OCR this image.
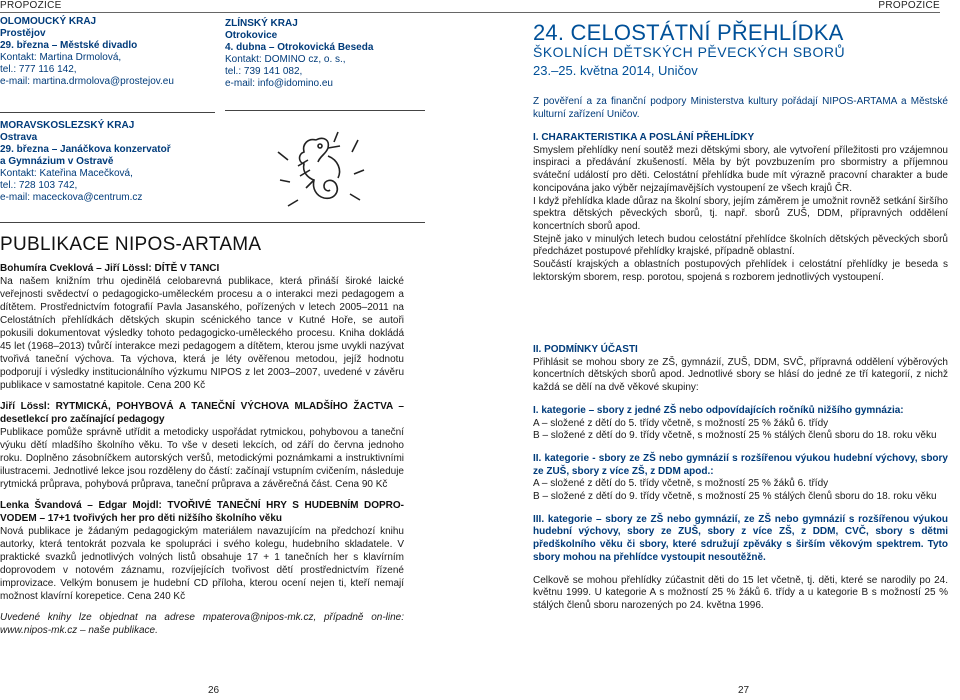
PROPOZICE	PROPOZICE
OLOMOUCKÝ KRAJ
Prostějov
29. března – Městské divadlo
Kontakt: Martina Drmolová,
tel.: 777 116 142,
e-mail: martina.drmolova@prostejov.eu
MORAVSKOSLEZSKÝ KRAJ
Ostrava
29. března – Janáčkova konzervatoř
a Gymnázium v Ostravě
Kontakt: Kateřina Macečková,
tel.: 728 103 742,
e-mail: maceckova@centrum.cz
ZLÍNSKÝ KRAJ
Otrokovice
4. dubna – Otrokovická Beseda
Kontakt: DOMINO cz, o. s.,
tel.: 739 141 082,
e-mail: info@idomino.eu
PUBLIKACE NIPOS-ARTAMA

Bohumíra Cveklová – Jiří Lössl: DÍTĚ V TANCI
Na našem knižním trhu ojedinělá celobarevná publikace, která přináší široké laické veřejnosti svědectví o pedagogicko-uměleckém procesu a o interakci mezi pedagogem a dítětem. Prostřednictvím fotografií Pavla Jasanského, pořízených v letech 2005–2011 na Celostátních přehlídkách dětských skupin scénického tance v Kutné Hoře, se autoři pokusili dokumentovat výsledky tohoto pedagogicko-uměleckého procesu. Kniha dokládá 45 let (1968–2013) tvůrčí interakce mezi pedagogem a dítětem, kterou jsme uvykli nazývat tvořivá taneční výchova. Ta výchova, která je léty ověřenou metodou, jejíž hodnotu podporují i výsledky institucionálního výzkumu NIPOS z let 2003–2007, uvedené v závěru publikace v samostatné kapitole. Cena 200 Kč

Jiří Lössl: RYTMICKÁ, POHYBOVÁ A TANEČNÍ VÝCHOVA MLADŠÍHO ŽACTVA – desetlekcí pro začínající pedagogy
Publikace pomůže správně utřídit a metodicky uspořádat rytmickou, pohybovou a taneční výuku dětí mladšího školního věku. To vše v deseti lekcích, od září do června jednoho roku. Doplněno zásobníčkem autorských veršů, metodickými poznámkami a instruktivními ilustracemi. Jednotlivé lekce jsou rozděleny do částí: začínají vstupním cvičením, následuje rytmická průprava, pohybová průprava, taneční průprava a závěrečná část. Cena 90 Kč

Lenka Švandová – Edgar Mojdl: TVOŘIVÉ TANEČNÍ HRY S HUDEBNÍM DOPRO-VODEM – 17+1 tvořivých her pro děti nižšího školního věku
Nová publikace je žádaným pedagogickým materiálem navazujícím na předchozí knihu autorky, která tentokrát pozvala ke spolupráci i svého kolegu, hudebního skladatele. V praktické svazků jednotlivých volných listů obsahuje 17 + 1 tanečních her s klavírním doprovodem v notovém záznamu, rozvíjejících tvořivost dětí prostřednictvím řízené improvizace. Velkým bonusem je hudební CD příloha, kterou ocení nejen ti, kteří nemají možnost klavírní korepetice. Cena 240 Kč

Uvedené knihy lze objednat na adrese mpaterova@nipos-mk.cz, případně on-line: www.nipos-mk.cz – naše publikace.

26	27
24. CELOSTÁTNÍ PŘEHLÍDKA
ŠKOLNÍCH DĚTSKÝCH PĚVECKÝCH SBORŮ
23.–25. května 2014, Uničov

Z pověření a za finanční podpory Ministerstva kultury pořádají NIPOS-ARTAMA a Městské kulturní zařízení Uničov.

I. CHARAKTERISTIKA A POSLÁNÍ PŘEHLÍDKY

Smyslem přehlídky není soutěž mezi dětskými sbory, ale vytvoření příležitosti pro vzájemnou inspiraci a předávání zkušeností. Měla by být povzbuzením pro sbormistry a příjemnou sváteční událostí pro děti. Celostátní přehlídka bude mít výrazně pracovní charakter a bude koncipována jako výběr nejzajímavějších vystoupení ze všech krajů ČR.

I když přehlídka klade důraz na školní sbory, jejím záměrem je umožnit rovněž setkání širšího spektra dětských pěveckých sborů, tj. např. sborů ZUŠ, DDM, přípravných oddělení koncertních sborů apod.

Stejně jako v minulých letech budou celostátní přehlídce školních dětských pěveckých sborů předcházet postupové přehlídky krajské, případně oblastní.

Součástí krajských a oblastních postupových přehlídek i celostátní přehlídky je beseda s lektorským sborem, resp. porotou, spojená s rozborem jednotlivých vystoupení.

II. PODMÍNKY ÚČASTI

Přihlásit se mohou sbory ze ZŠ, gymnázií, ZUŠ, DDM, SVČ, přípravná oddělení výběrových koncertních dětských sborů apod. Jednotlivé sbory se hlásí do jedné ze tří kategorií, z nichž každá se dělí na dvě věkové skupiny:

I. kategorie – sbory z jedné ZŠ nebo odpovídajících ročníků nižšího gymnázia:

A – složené z dětí do 5. třídy včetně, s možností 25 % žáků 6. třídy

B – složené z dětí do 9. třídy včetně, s možností 25 % stálých členů sboru do 18. roku věku

II. kategorie - sbory ze ZŠ nebo gymnázií s rozšířenou výukou hudební výchovy, sbory ze ZUŠ, sbory z více ZŠ, z DDM apod.:

A – složené z dětí do 5. třídy včetně, s možností 25 % žáků 6. třídy

B – složené z dětí do 9. třídy včetně, s možností 25 % stálých členů sboru do 18. roku věku

III. kategorie – sbory ze ZŠ nebo gymnázií, ze ZŠ nebo gymnázií s rozšířenou výukou hudební výchovy, sbory ze ZUŠ, sbory z více ZŠ, z DDM, CVČ, sbory s dětmi předškolního věku či sbory, které sdružují zpěváky s širším věkovým spektrem. Tyto sbory mohou na přehlídce vystoupit nesoutěžně.

Celkově se mohou přehlídky zúčastnit děti do 15 let včetně, tj. děti, které se narodily po 24. květnu 1999. U kategorie A s možností 25 % žáků 6. třídy a u kategorie B s možností 25 % stálých členů sboru narozených po 24. května 1996.
